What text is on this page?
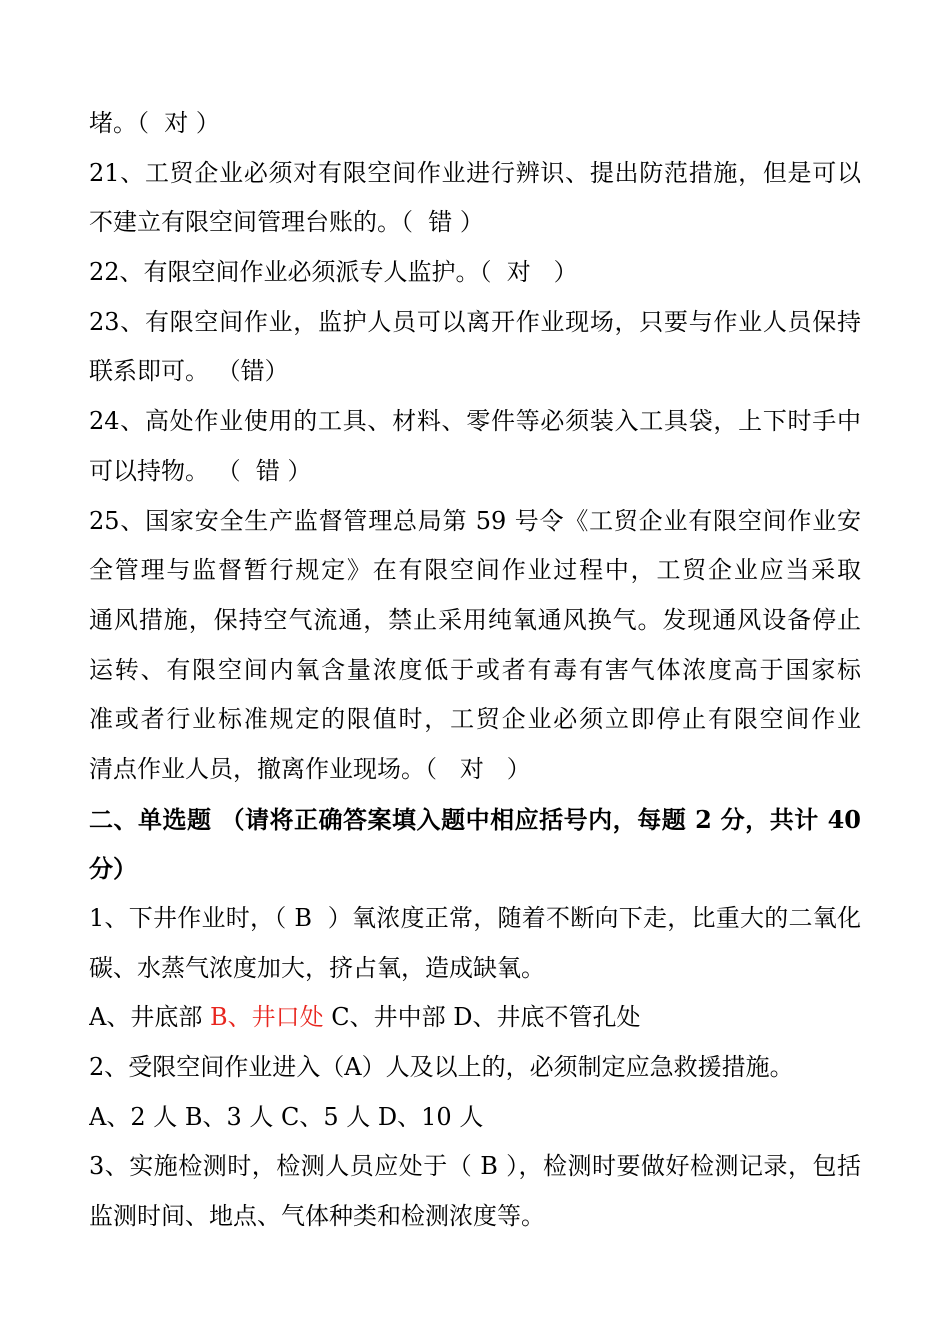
堵。（  对 ）
21、工贸企业必须对有限空间作业进行辨识、提出防范措施，但是可以
不建立有限空间管理台账的。（  错 ）
22、有限空间作业必须派专人监护。（  对   ）
23、有限空间作业，监护人员可以离开作业现场，只要与作业人员保持
联系即可。 （错）
24、高处作业使用的工具、材料、零件等必须装入工具袋，上下时手中
可以持物。 （  错 ）
25、国家安全生产监督管理总局第 59 号令《工贸企业有限空间作业安
全管理与监督暂行规定》在有限空间作业过程中，工贸企业应当采取
通风措施，保持空气流通，禁止采用纯氧通风换气。发现通风设备停止
运转、有限空间内氧含量浓度低于或者有毒有害气体浓度高于国家标
准或者行业标准规定的限值时，工贸企业必须立即停止有限空间作业
清点作业人员，撤离作业现场。（   对   ）
二、单选题 （请将正确答案填入题中相应括号内，每题 2 分，共计 40
分）
1、下井作业时，（ B  ）氧浓度正常，随着不断向下走，比重大的二氧化
碳、水蒸气浓度加大，挤占氧，造成缺氧。
A、井底部 B、井口处 C、井中部 D、井底不管孔处
2、受限空间作业进入（A）人及以上的，必须制定应急救援措施。
A、2 人 B、3 人 C、5 人 D、10 人
3、实施检测时，检测人员应处于（ B ），检测时要做好检测记录，包括
监测时间、地点、气体种类和检测浓度等。
